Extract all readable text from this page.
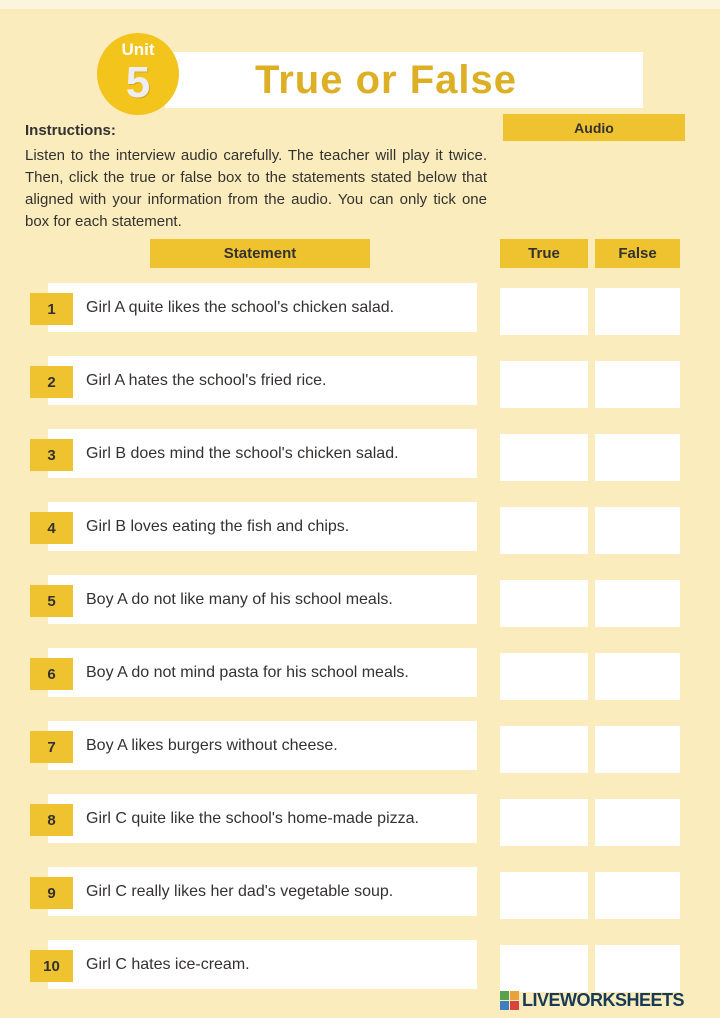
True or False
Unit
5
Instructions:
Listen to the interview audio carefully. The teacher will play it twice. Then, click the true or false box to the statements stated below that aligned with your information from the audio. You can only tick one box for each statement.
Audio
Statement	True	False
Girl A quite likes the school's chicken salad.
1
Girl A hates the school's fried rice.
2
Girl B does mind the school's chicken salad.
3
Girl B loves eating the fish and chips.
4
Boy A do not like many of his school meals.
5
Boy A do not mind pasta for his school meals.
6
Boy A likes burgers without cheese.
7
Girl C quite like the school's home-made pizza.
8
Girl C really likes her dad's vegetable soup.
9
Girl C hates ice-cream.
10
LIVEWORKSHEETS
